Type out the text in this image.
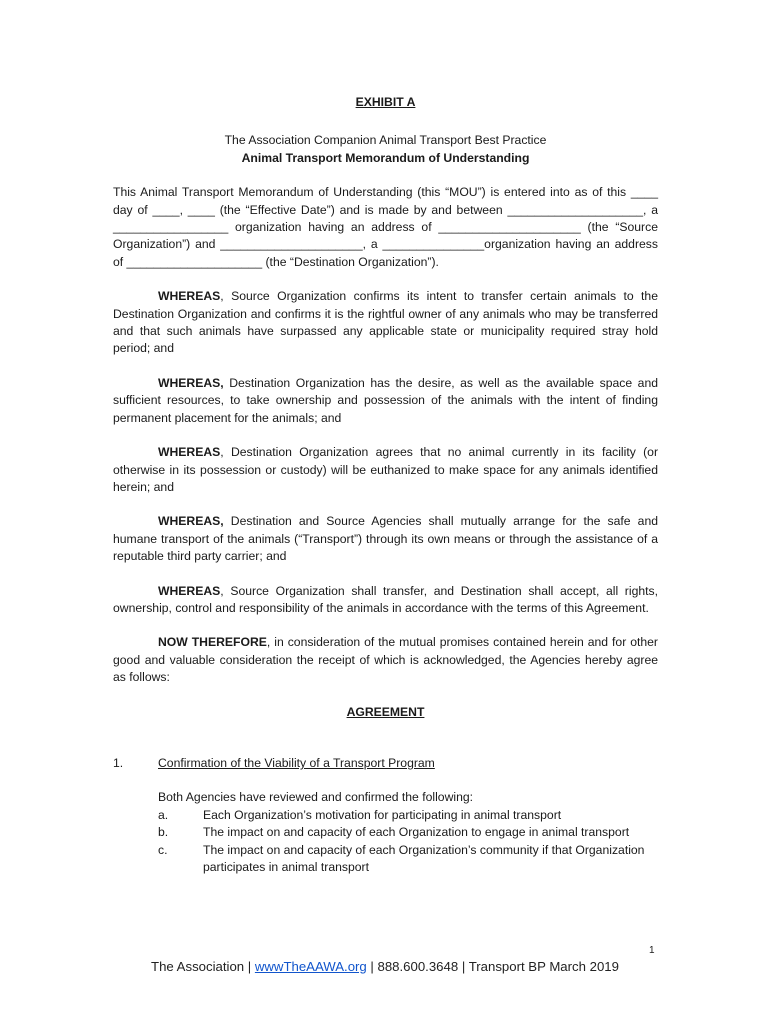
EXHIBIT A

The Association Companion Animal Transport Best Practice

Animal Transport Memorandum of Understanding

This Animal Transport Memorandum of Understanding (this “MOU”) is entered into as of this ____ day of ____, ____ (the “Effective Date”) and is made by and between ____________________, a _________________ organization having an address of _____________________ (the “Source Organization”) and _____________________, a _______________organization having an address of ____________________ (the “Destination Organization”).

WHEREAS, Source Organization confirms its intent to transfer certain animals to the Destination Organization and confirms it is the rightful owner of any animals who may be transferred and that such animals have surpassed any applicable state or municipality required stray hold period; and

WHEREAS, Destination Organization has the desire, as well as the available space and sufficient resources, to take ownership and possession of the animals with the intent of finding permanent placement for the animals; and

WHEREAS, Destination Organization agrees that no animal currently in its facility (or otherwise in its possession or custody) will be euthanized to make space for any animals identified herein; and

WHEREAS, Destination and Source Agencies shall mutually arrange for the safe and humane transport of the animals (“Transport”) through its own means or through the assistance of a reputable third party carrier; and

WHEREAS, Source Organization shall transfer, and Destination shall accept, all rights, ownership, control and responsibility of the animals in accordance with the terms of this Agreement.

NOW THEREFORE, in consideration of the mutual promises contained herein and for other good and valuable consideration the receipt of which is acknowledged, the Agencies hereby agree as follows:

AGREEMENT

1.	Confirmation of the Viability of a Transport Program

Both Agencies have reviewed and confirmed the following:

a.	Each Organization’s motivation for participating in animal transport
b.	The impact on and capacity of each Organization to engage in animal transport
c.	The impact on and capacity of each Organization’s community if that Organization participates in animal transport
1
The Association | wwwTheAAWA.org | 888.600.3648 | Transport BP March 2019
